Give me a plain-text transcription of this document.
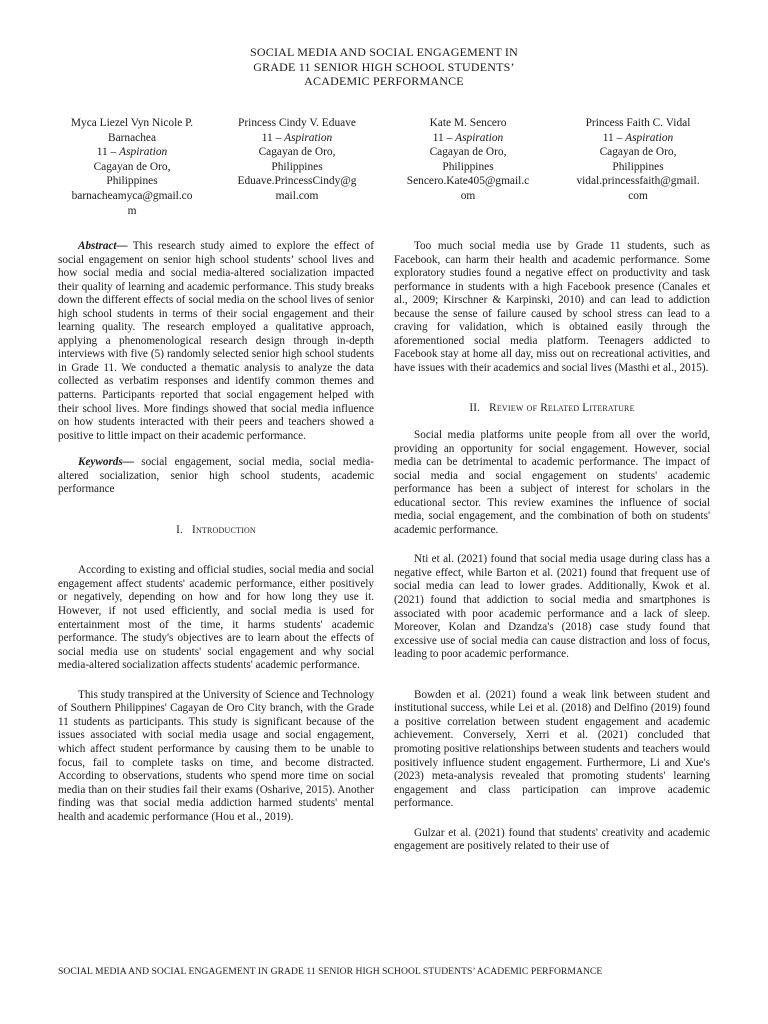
SOCIAL MEDIA AND SOCIAL ENGAGEMENT IN
GRADE 11 SENIOR HIGH SCHOOL STUDENTS’
ACADEMIC PERFORMANCE
Myca Liezel Vyn Nicole P.
Barnachea
11 – Aspiration
Cagayan de Oro,
Philippines
barnacheamyca@gmail.co
m
Princess Cindy V. Eduave
11 – Aspiration
Cagayan de Oro,
Philippines
Eduave.PrincessCindy@g
mail.com
Kate M. Sencero
11 – Aspiration
Cagayan de Oro,
Philippines
Sencero.Kate405@gmail.c
om
Princess Faith C. Vidal
11 – Aspiration
Cagayan de Oro,
Philippines
vidal.princessfaith@gmail.
com

Abstract— This research study aimed to explore the effect of social engagement on senior high school students’ school lives and how social media and social media-altered socialization impacted their quality of learning and academic performance. This study breaks down the different effects of social media on the school lives of senior high school students in terms of their social engagement and their learning quality. The research employed a qualitative approach, applying a phenomenological research design through in-depth interviews with five (5) randomly selected senior high school students in Grade 11. We conducted a thematic analysis to analyze the data collected as verbatim responses and identify common themes and patterns. Participants reported that social engagement helped with their school lives. More findings showed that social media influence on how students interacted with their peers and teachers showed a positive to little impact on their academic performance.

Keywords— social engagement, social media, social media-altered socialization, senior high school students, academic performance

I. Introduction

According to existing and official studies, social media and social engagement affect students' academic performance, either positively or negatively, depending on how and for how long they use it. However, if not used efficiently, and social media is used for entertainment most of the time, it harms students' academic performance. The study's objectives are to learn about the effects of social media use on students' social engagement and why social media-altered socialization affects students' academic performance.

This study transpired at the University of Science and Technology of Southern Philippines' Cagayan de Oro City branch, with the Grade 11 students as participants. This study is significant because of the issues associated with social media usage and social engagement, which affect student performance by causing them to be unable to focus, fail to complete tasks on time, and become distracted. According to observations, students who spend more time on social media than on their studies fail their exams (Osharive, 2015). Another finding was that social media addiction harmed students' mental health and academic performance (Hou et al., 2019).

Too much social media use by Grade 11 students, such as Facebook, can harm their health and academic performance. Some exploratory studies found a negative effect on productivity and task performance in students with a high Facebook presence (Canales et al., 2009; Kirschner & Karpinski, 2010) and can lead to addiction because the sense of failure caused by school stress can lead to a craving for validation, which is obtained easily through the aforementioned social media platform. Teenagers addicted to Facebook stay at home all day, miss out on recreational activities, and have issues with their academics and social lives (Masthi et al., 2015).

II. Review of Related Literature

Social media platforms unite people from all over the world, providing an opportunity for social engagement. However, social media can be detrimental to academic performance. The impact of social media and social engagement on students' academic performance has been a subject of interest for scholars in the educational sector. This review examines the influence of social media, social engagement, and the combination of both on students' academic performance.

Nti et al. (2021) found that social media usage during class has a negative effect, while Barton et al. (2021) found that frequent use of social media can lead to lower grades. Additionally, Kwok et al. (2021) found that addiction to social media and smartphones is associated with poor academic performance and a lack of sleep. Moreover, Kolan and Dzandza's (2018) case study found that excessive use of social media can cause distraction and loss of focus, leading to poor academic performance.

Bowden et al. (2021) found a weak link between student and institutional success, while Lei et al. (2018) and Delfino (2019) found a positive correlation between student engagement and academic achievement. Conversely, Xerri et al. (2021) concluded that promoting positive relationships between students and teachers would positively influence student engagement. Furthermore, Li and Xue's (2023) meta-analysis revealed that promoting students' learning engagement and class participation can improve academic performance.

Gulzar et al. (2021) found that students' creativity and academic engagement are positively related to their use of

SOCIAL MEDIA AND SOCIAL ENGAGEMENT IN GRADE 11 SENIOR HIGH SCHOOL STUDENTS’ ACADEMIC PERFORMANCE
